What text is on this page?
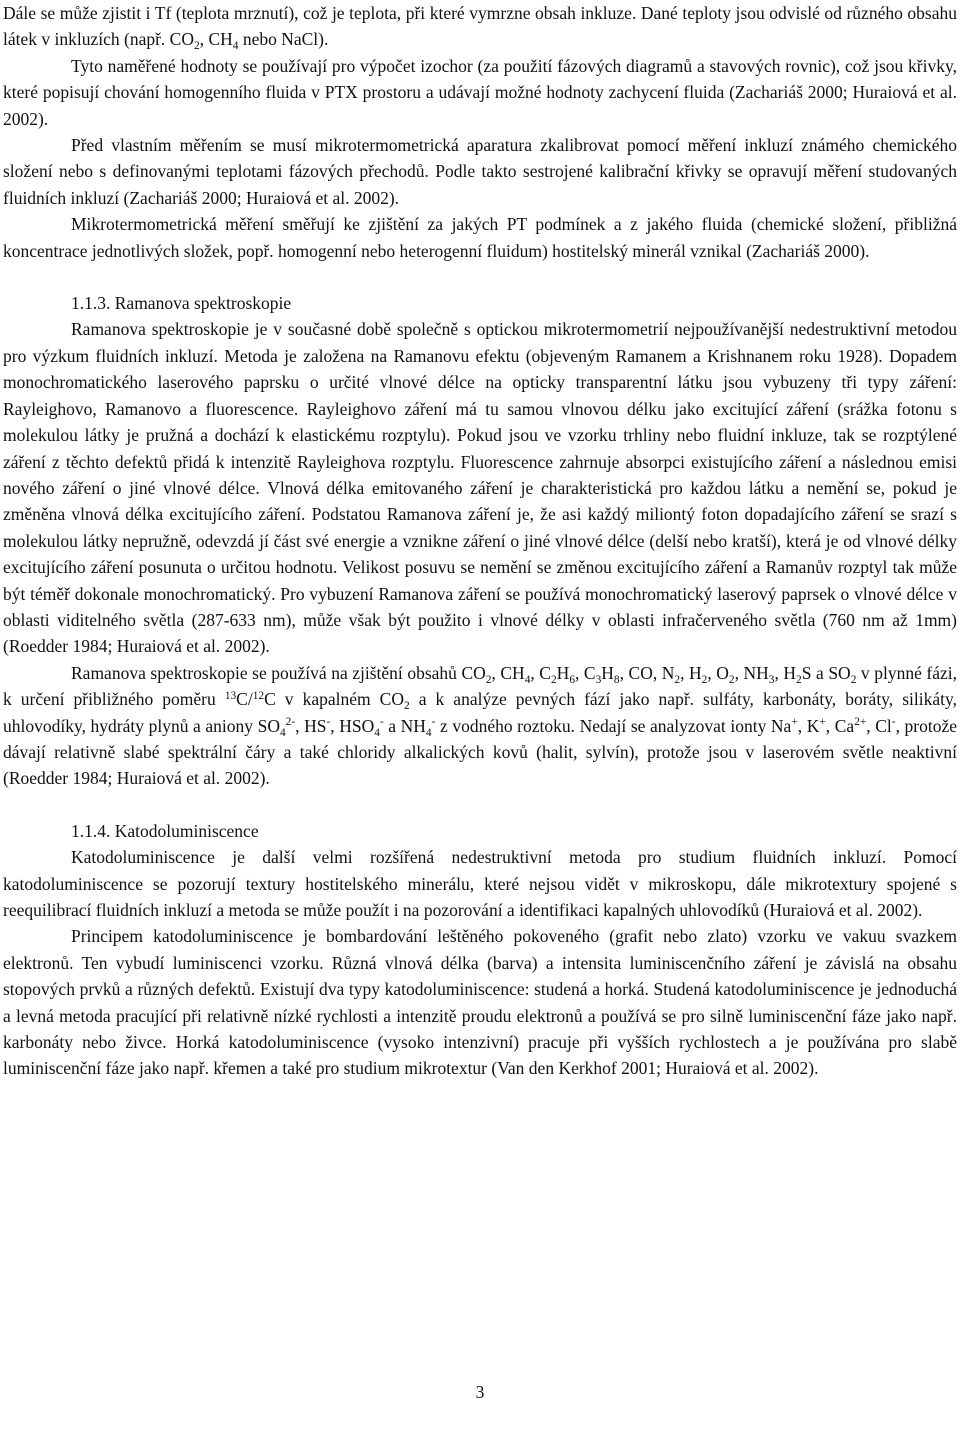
Dále se může zjistit i Tf (teplota mrznutí), což je teplota, při které vymrzne obsah inkluze. Dané teploty jsou odvislé od různého obsahu látek v inkluzích (např. $CO_2$, $CH_4$ nebo NaCl).

Tyto naměřené hodnoty se používají pro výpočet izochor (za použití fázových diagramů a stavových rovnic), což jsou křivky, které popisují chování homogenního fluida v PTX prostoru a udávají možné hodnoty zachycení fluida (Zachariáš 2000; Huraiová et al. 2002).

Před vlastním měřením se musí mikrotermometrická aparatura zkalibrovat pomocí měření inkluzí známého chemického složení nebo s definovanými teplotami fázových přechodů. Podle takto sestrojené kalibrační křivky se opravují měření studovaných fluidních inkluzí (Zachariáš 2000; Huraiová et al. 2002).

Mikrotermometrická měření směřují ke zjištění za jakých PT podmínek a z jakého fluida (chemické složení, přibližná koncentrace jednotlivých složek, popř. homogenní nebo heterogenní fluidum) hostitelský minerál vznikal (Zachariáš 2000).

1.1.3. Ramanova spektroskopie

Ramanova spektroskopie je v současné době společně s optickou mikrotermometrií nejpoužívanější nedestruktivní metodou pro výzkum fluidních inkluzí. Metoda je založena na Ramanovu efektu (objeveným Ramanem a Krishnanem roku 1928). Dopadem monochromatického laserového paprsku o určité vlnové délce na opticky transparentní látku jsou vybuzeny tři typy záření: Rayleighovo, Ramanovo a fluorescence. Rayleighovo záření má tu samou vlnovou délku jako excitující záření (srážka fotonu s molekulou látky je pružná a dochází k elastickému rozptylu). Pokud jsou ve vzorku trhliny nebo fluidní inkluze, tak se rozptýlené záření z těchto defektů přidá k intenzitě Rayleighova rozptylu. Fluorescence zahrnuje absorpci existujícího záření a následnou emisi nového záření o jiné vlnové délce. Vlnová délka emitovaného záření je charakteristická pro každou látku a nemění se, pokud je změněna vlnová délka excitujícího záření. Podstatou Ramanova záření je, že asi každý miliontý foton dopadajícího záření se srazí s molekulou látky nepružně, odevzdá jí část své energie a vznikne záření o jiné vlnové délce (delší nebo kratší), která je od vlnové délky excitujícího záření posunuta o určitou hodnotu. Velikost posuvu se nemění se změnou excitujícího záření a Ramanův rozptyl tak může být téměř dokonale monochromatický. Pro vybuzení Ramanova záření se používá monochromatický laserový paprsek o vlnové délce v oblasti viditelného světla (287-633 nm), může však být použito i vlnové délky v oblasti infračerveného světla (760 nm až 1mm) (Roedder 1984; Huraiová et al. 2002).

Ramanova spektroskopie se používá na zjištění obsahů $CO_2$, $CH_4$, $C_2H_6$, $C_3H_8$, CO, $N_2$, $H_2$, $O_2$, $NH_3$, $H_2S$ a $SO_2$ v plynné fázi, k určení přibližného poměru $^{13}$C/$^{12}$C v kapalném $CO_2$ a k analýze pevných fází jako např. sulfáty, karbonáty, boráty, silikáty, uhlovodíky, hydráty plynů a aniony $SO_4^{2-}$, HS-, $HSO_4^-$ a $NH_4^-$ z vodného roztoku. Nedají se analyzovat ionty Na+, K+, $Ca^{2+}$, Cl-, protože dávají relativně slabé spektrální čáry a také chloridy alkalických kovů (halit, sylvín), protože jsou v laserovém světle neaktivní (Roedder 1984; Huraiová et al. 2002).

1.1.4. Katodoluminiscence

Katodoluminiscence je další velmi rozšířená nedestruktivní metoda pro studium fluidních inkluzí. Pomocí katodoluminiscence se pozorují textury hostitelského minerálu, které nejsou vidět v mikroskopu, dále mikrotextury spojené s reequilibrací fluidních inkluzí a metoda se může použít i na pozorování a identifikaci kapalných uhlovodíků (Huraiová et al. 2002).

Principem katodoluminiscence je bombardování leštěného pokoveného (grafit nebo zlato) vzorku ve vakuu svazkem elektronů. Ten vybudí luminiscenci vzorku. Různá vlnová délka (barva) a intensita luminiscenčního záření je závislá na obsahu stopových prvků a různých defektů. Existují dva typy katodoluminiscence: studená a horká. Studená katodoluminiscence je jednoduchá a levná metoda pracující při relativně nízké rychlosti a intenzitě proudu elektronů a používá se pro silně luminiscenční fáze jako např. karbonáty nebo živce. Horká katodoluminiscence (vysoko intenzivní) pracuje při vyšších rychlostech a je používána pro slabě luminiscenční fáze jako např. křemen a také pro studium mikrotextur (Van den Kerkhof 2001; Huraiová et al. 2002).

3
